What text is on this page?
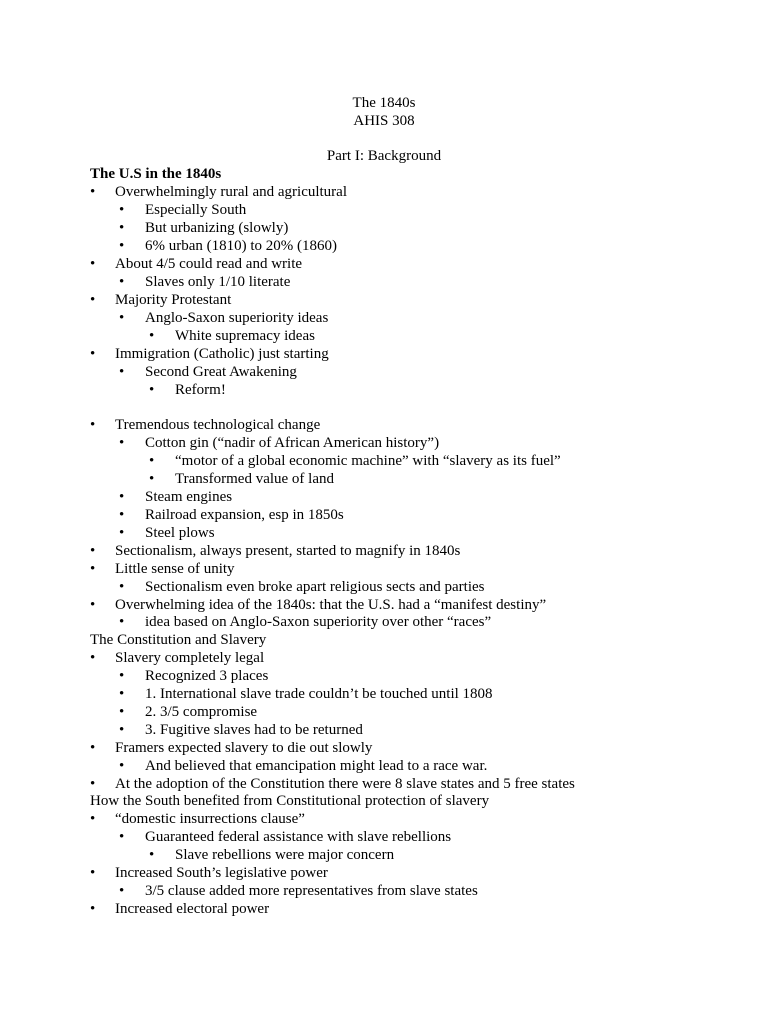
The 1840s
AHIS 308
Part I: Background
The U.S in the 1840s
The Constitution and Slavery
How the South benefited from Constitutional protection of slavery
• Overwhelmingly rural and agricultural
• Especially South
• But urbanizing (slowly)
• 6% urban (1810) to 20% (1860)
• About 4/5 could read and write
• Slaves only 1/10 literate
• Majority Protestant
• Anglo-Saxon superiority ideas
• White supremacy ideas
• Immigration (Catholic) just starting
• Second Great Awakening
• Reform!
• Tremendous technological change
• Cotton gin (“nadir of African American history”)
• “motor of a global economic machine” with “slavery as its fuel”
• Transformed value of land
• Steam engines
• Railroad expansion, esp in 1850s
• Steel plows
• Sectionalism, always present, started to magnify in 1840s
• Little sense of unity
• Sectionalism even broke apart religious sects and parties
• Overwhelming idea of the 1840s: that the U.S. had a “manifest destiny”
• idea based on Anglo-Saxon superiority over other “races”
• Slavery completely legal
• Recognized 3 places
• 1. International slave trade couldn’t be touched until 1808
• 2. 3/5 compromise
• 3. Fugitive slaves had to be returned
• Framers expected slavery to die out slowly
• And believed that emancipation might lead to a race war.
• At the adoption of the Constitution there were 8 slave states and 5 free states
• “domestic insurrections clause”
• Guaranteed federal assistance with slave rebellions
• Slave rebellions were major concern
• Increased South’s legislative power
• 3/5 clause added more representatives from slave states
• Increased electoral power
